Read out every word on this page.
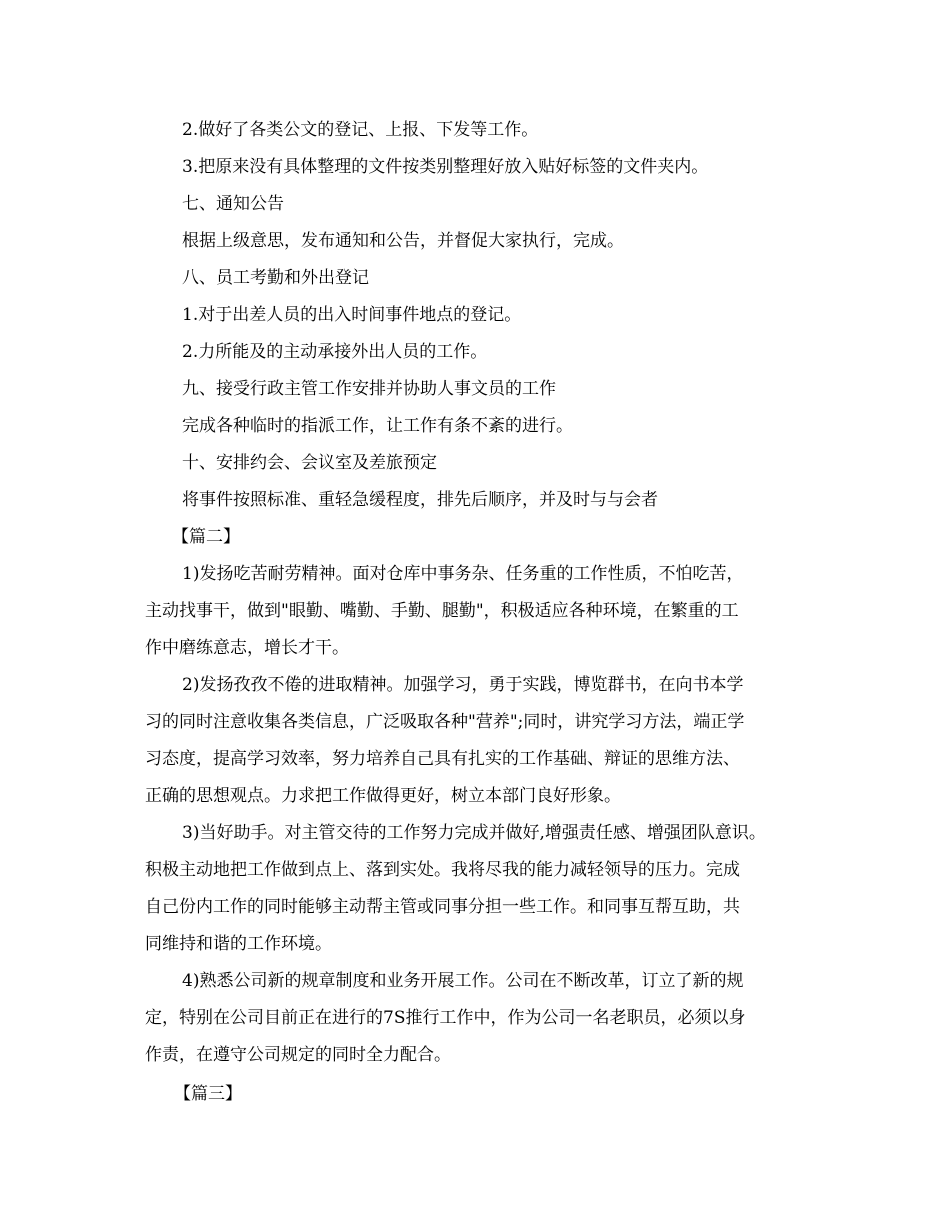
2.做好了各类公文的登记、上报、下发等工作。
3.把原来没有具体整理的文件按类别整理好放入贴好标签的文件夹内。
七、通知公告
根据上级意思，发布通知和公告，并督促大家执行，完成。
八、员工考勤和外出登记
1.对于出差人员的出入时间事件地点的登记。
2.力所能及的主动承接外出人员的工作。
九、接受行政主管工作安排并协助人事文员的工作
完成各种临时的指派工作，让工作有条不紊的进行。
十、安排约会、会议室及差旅预定
将事件按照标准、重轻急缓程度，排先后顺序，并及时与与会者
【篇二】
1)发扬吃苦耐劳精神。面对仓库中事务杂、任务重的工作性质，不怕吃苦，
主动找事干，做到"眼勤、嘴勤、手勤、腿勤"，积极适应各种环境，在繁重的工
作中磨练意志，增长才干。
2)发扬孜孜不倦的进取精神。加强学习，勇于实践，博览群书，在向书本学
习的同时注意收集各类信息，广泛吸取各种"营养";同时，讲究学习方法，端正学
习态度，提高学习效率，努力培养自己具有扎实的工作基础、辩证的思维方法、
正确的思想观点。力求把工作做得更好，树立本部门良好形象。
3)当好助手。对主管交待的工作努力完成并做好,增强责任感、增强团队意识。
积极主动地把工作做到点上、落到实处。我将尽我的能力减轻领导的压力。完成
自己份内工作的同时能够主动帮主管或同事分担一些工作。和同事互帮互助，共
同维持和谐的工作环境。
4)熟悉公司新的规章制度和业务开展工作。公司在不断改革，订立了新的规
定，特别在公司目前正在进行的7S推行工作中，作为公司一名老职员，必须以身
作责，在遵守公司规定的同时全力配合。
【篇三】
